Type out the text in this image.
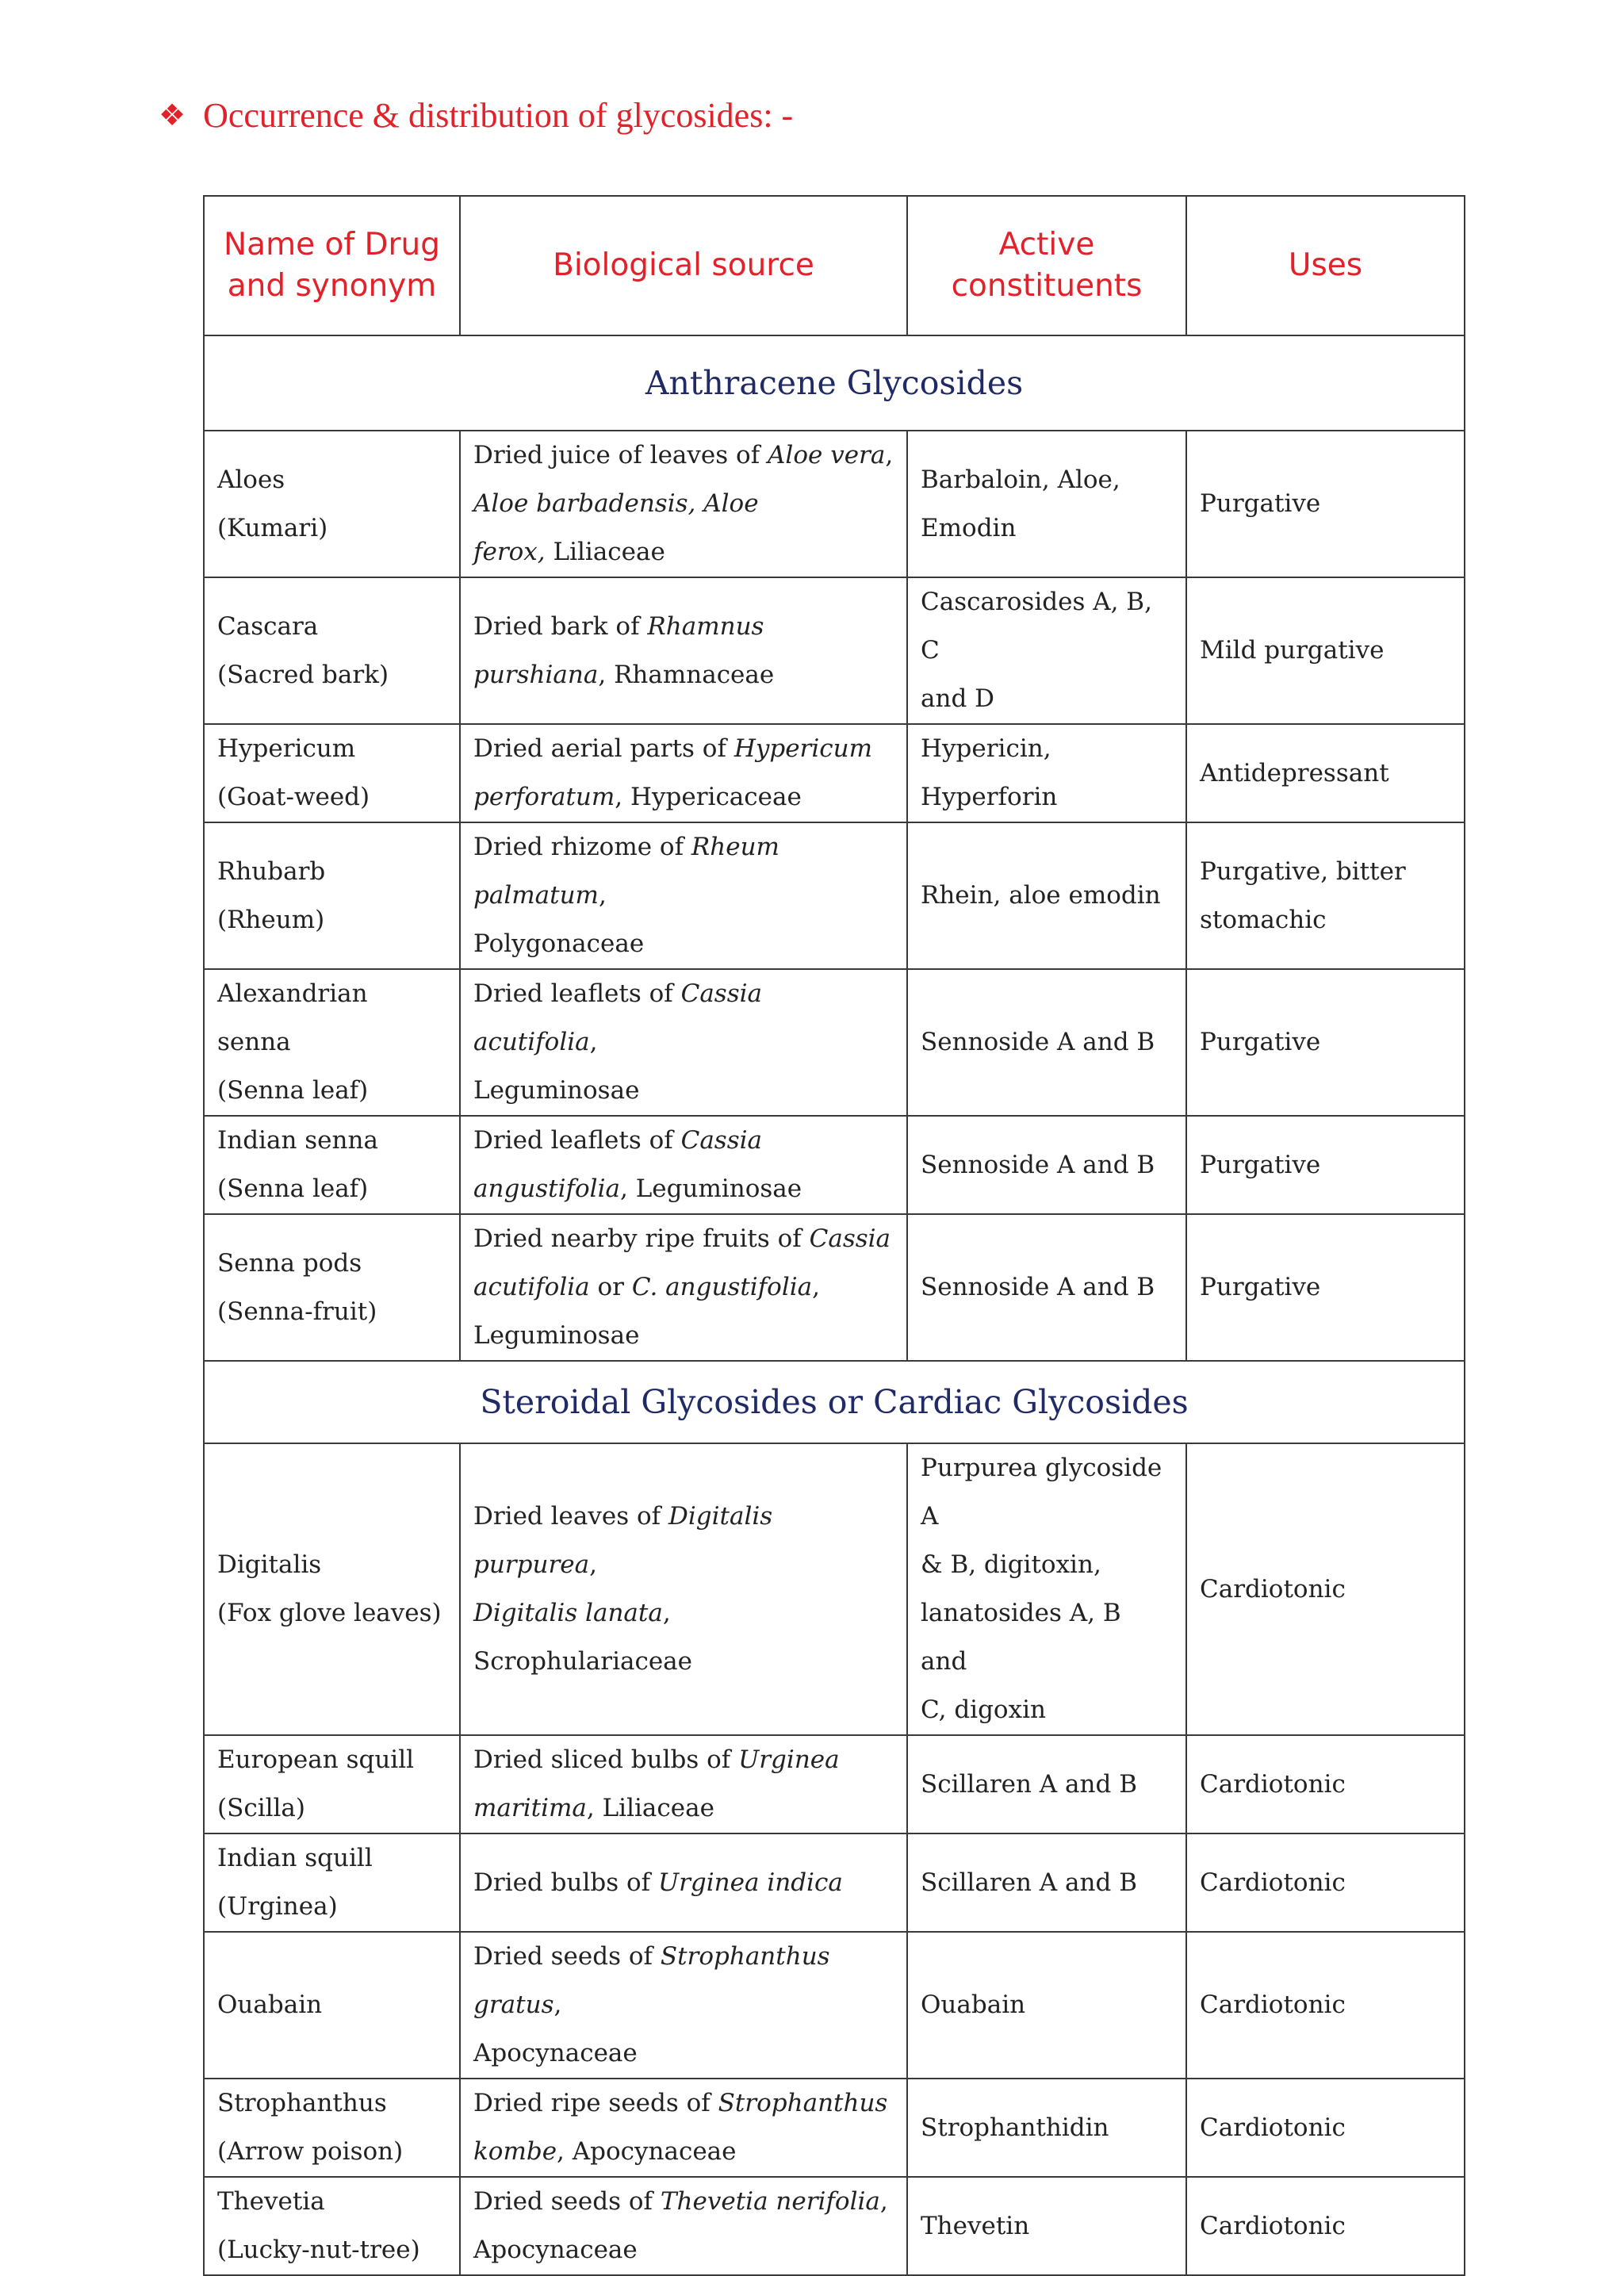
❖ Occurrence & distribution of glycosides: -
Name of Drug
and synonym	Biological source	Active
constituents	Uses

Anthracene Glycosides			

Aloes
(Kumari)	Dried juice of leaves of Aloe vera,
Aloe barbadensis, Aloe
ferox, Liliaceae	Barbaloin, Aloe,
Emodin	Purgative

Cascara
(Sacred bark)	Dried bark of Rhamnus
purshiana, Rhamnaceae	Cascarosides A, B, C
and D	Mild purgative

Hypericum
(Goat-weed)	Dried aerial parts of Hypericum
perforatum, Hypericaceae	Hypericin,
Hyperforin	Antidepressant

Rhubarb
(Rheum)	Dried rhizome of Rheum palmatum,
Polygonaceae	Rhein, aloe emodin	Purgative, bitter
stomachic

Alexandrian senna
(Senna leaf)	Dried leaflets of Cassia acutifolia,
Leguminosae	Sennoside A and B	Purgative

Indian senna
(Senna leaf)	Dried leaflets of Cassia
angustifolia, Leguminosae	Sennoside A and B	Purgative

Senna pods
(Senna-fruit)	Dried nearby ripe fruits of Cassia
acutifolia or C. angustifolia,
Leguminosae	Sennoside A and B	Purgative

Steroidal Glycosides or Cardiac Glycosides			

Digitalis
(Fox glove leaves)	Dried leaves of Digitalis purpurea,
Digitalis lanata, Scrophulariaceae	Purpurea glycoside A
& B, digitoxin,
lanatosides A, B and
C, digoxin	Cardiotonic

European squill
(Scilla)	Dried sliced bulbs of Urginea
maritima, Liliaceae	Scillaren A and B	Cardiotonic

Indian squill
(Urginea)	Dried bulbs of Urginea indica	Scillaren A and B	Cardiotonic

Ouabain	Dried seeds of Strophanthus gratus,
Apocynaceae	Ouabain	Cardiotonic

Strophanthus
(Arrow poison)	Dried ripe seeds of Strophanthus
kombe, Apocynaceae	Strophanthidin	Cardiotonic

Thevetia
(Lucky-nut-tree)	Dried seeds of Thevetia nerifolia,
Apocynaceae	Thevetin	Cardiotonic
